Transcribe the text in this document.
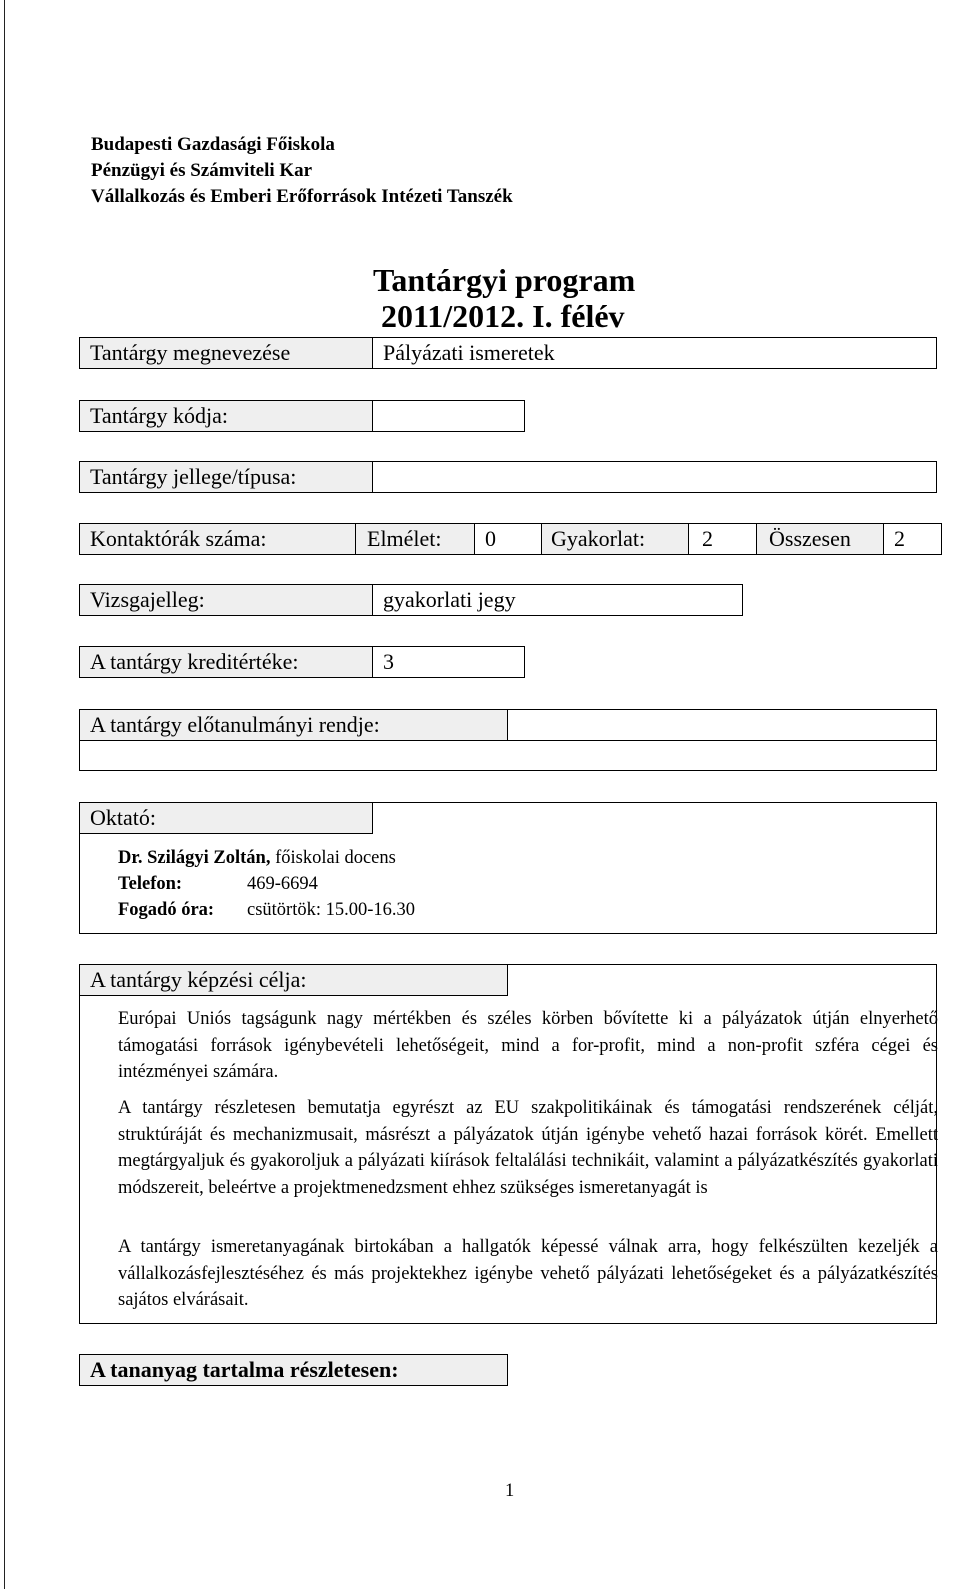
Budapesti Gazdasági Főiskola
Pénzügyi és Számviteli Kar
Vállalkozás és Emberi Erőforrások Intézeti Tanszék
Tantárgyi program
2011/2012. I. félév
Tantárgy megnevezése	Pályázati ismeretek
Tantárgy kódja:
Tantárgy jellege/típusa:
Kontaktórák száma:	Elmélet: 0	Gyakorlat:	2	Összesen 2
Vizsgajelleg:	gyakorlati jegy
A tantárgy kreditértéke:	3
A tantárgy előtanulmányi rendje:
Oktató:
Dr. Szilágyi Zoltán, főiskolai docens
Telefon:	469-6694
Fogadó óra: csütörtök: 15.00-16.30
A tantárgy képzési célja:
Európai Uniós tagságunk nagy mértékben és széles körben bővítette ki a pályázatok útján elnyerhető támogatási források igénybevételi lehetőségeit, mind a for-profit, mind a non-profit szféra cégei és intézményei számára.
A tantárgy részletesen bemutatja egyrészt az EU szakpolitikáinak és támogatási rendszerének célját, struktúráját és mechanizmusait, másrészt a pályázatok útján igénybe vehető hazai források körét. Emellett megtárgyaljuk és gyakoroljuk a pályázati kiírások feltalálási technikáit, valamint a pályázatkészítés gyakorlati módszereit, beleértve a projektmenedzsment ehhez szükséges ismeretanyagát is
A tantárgy ismeretanyagának birtokában a hallgatók képessé válnak arra, hogy felkészülten kezeljék a vállalkozásfejlesztéséhez és más projektekhez igénybe vehető pályázati lehetőségeket és a pályázatkészítés sajátos elvárásait.
A tananyag tartalma részletesen:
1
